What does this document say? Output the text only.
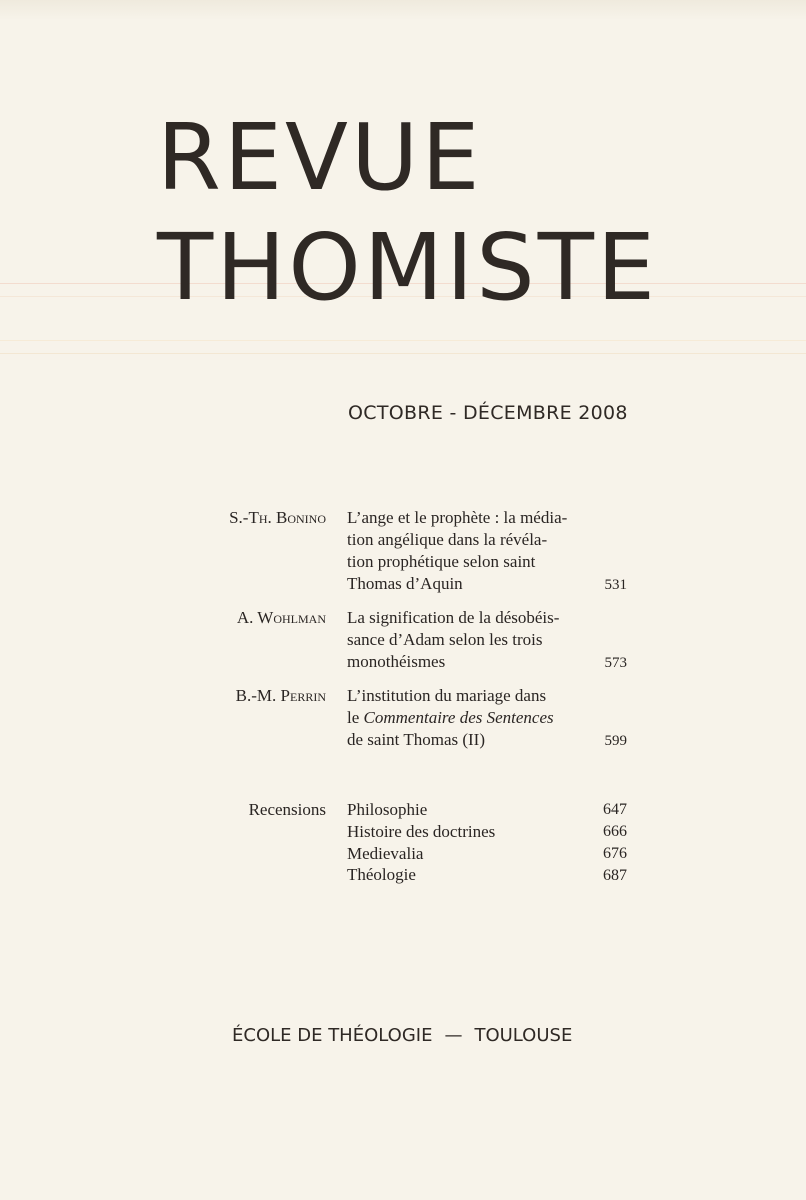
REVUE
THOMISTE
OCTOBRE - DÉCEMBRE 2008
S.-Th. Bonino L’ange et le prophète : la média-
tion angélique dans la révéla-
tion prophétique selon saint
Thomas d’Aquin	531
A. Wohlman La signification de la désobéis-
sance d’Adam selon les trois
monothéismes	573
B.-M. Perrin L’institution du mariage dans
le Commentaire des Sentences
de saint Thomas (II)	599
Recensions Philosophie	647
Histoire des doctrines	666
Medievalia	676
Théologie	687
ÉCOLE DE THÉOLOGIE — TOULOUSE
